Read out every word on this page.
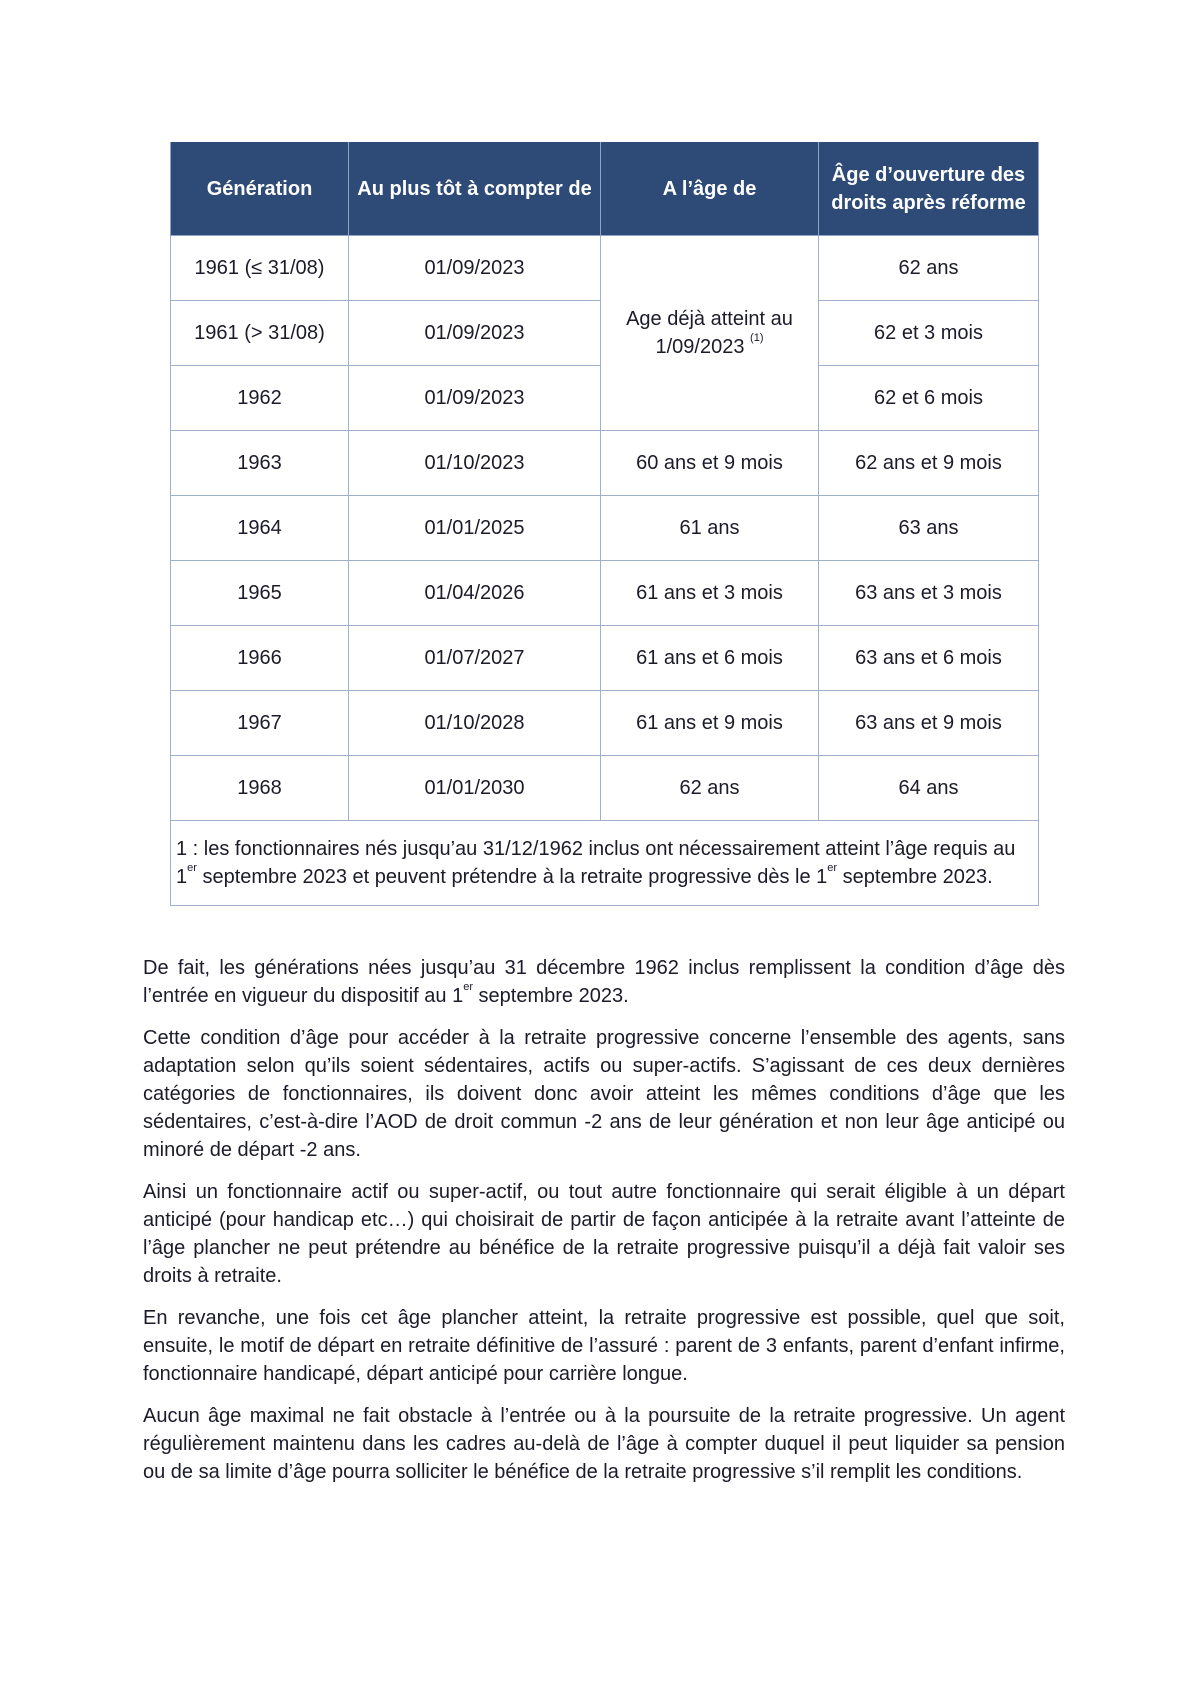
Génération	Au plus tôt à compter de	A l’âge de	Âge d’ouverture des droits après réforme
1961 (≤ 31/08)	01/09/2023	Age déjà atteint au 1/09/2023 $^{(1)}$	62 ans
1961 (> 31/08)	01/09/2023		62 et 3 mois
1962	01/09/2023		62 et 6 mois
1963	01/10/2023	60 ans et 9 mois	62 ans et 9 mois
1964	01/01/2025	61 ans	63 ans
1965	01/04/2026	61 ans et 3 mois	63 ans et 3 mois
1966	01/07/2027	61 ans et 6 mois	63 ans et 6 mois
1967	01/10/2028	61 ans et 9 mois	63 ans et 9 mois
1968	01/01/2030	62 ans	64 ans
1 : les fonctionnaires nés jusqu’au 31/12/1962 inclus ont nécessairement atteint l’âge requis au 1er septembre 2023 et peuvent prétendre à la retraite progressive dès le 1er septembre 2023.			

De fait, les générations nées jusqu’au 31 décembre 1962 inclus remplissent la condition d’âge dès l’entrée en vigueur du dispositif au 1er septembre 2023.

Cette condition d’âge pour accéder à la retraite progressive concerne l’ensemble des agents, sans adaptation selon qu’ils soient sédentaires, actifs ou super-actifs. S’agissant de ces deux dernières catégories de fonctionnaires, ils doivent donc avoir atteint les mêmes conditions d’âge que les sédentaires, c’est-à-dire l’AOD de droit commun -2 ans de leur génération et non leur âge anticipé ou minoré de départ -2 ans.

Ainsi un fonctionnaire actif ou super-actif, ou tout autre fonctionnaire qui serait éligible à un départ anticipé (pour handicap etc…) qui choisirait de partir de façon anticipée à la retraite avant l’atteinte de l’âge plancher ne peut prétendre au bénéfice de la retraite progressive puisqu’il a déjà fait valoir ses droits à retraite.

En revanche, une fois cet âge plancher atteint, la retraite progressive est possible, quel que soit, ensuite, le motif de départ en retraite définitive de l’assuré : parent de 3 enfants, parent d’enfant infirme, fonctionnaire handicapé, départ anticipé pour carrière longue.

Aucun âge maximal ne fait obstacle à l’entrée ou à la poursuite de la retraite progressive. Un agent régulièrement maintenu dans les cadres au-delà de l’âge à compter duquel il peut liquider sa pension ou de sa limite d’âge pourra solliciter le bénéfice de la retraite progressive s’il remplit les conditions.
